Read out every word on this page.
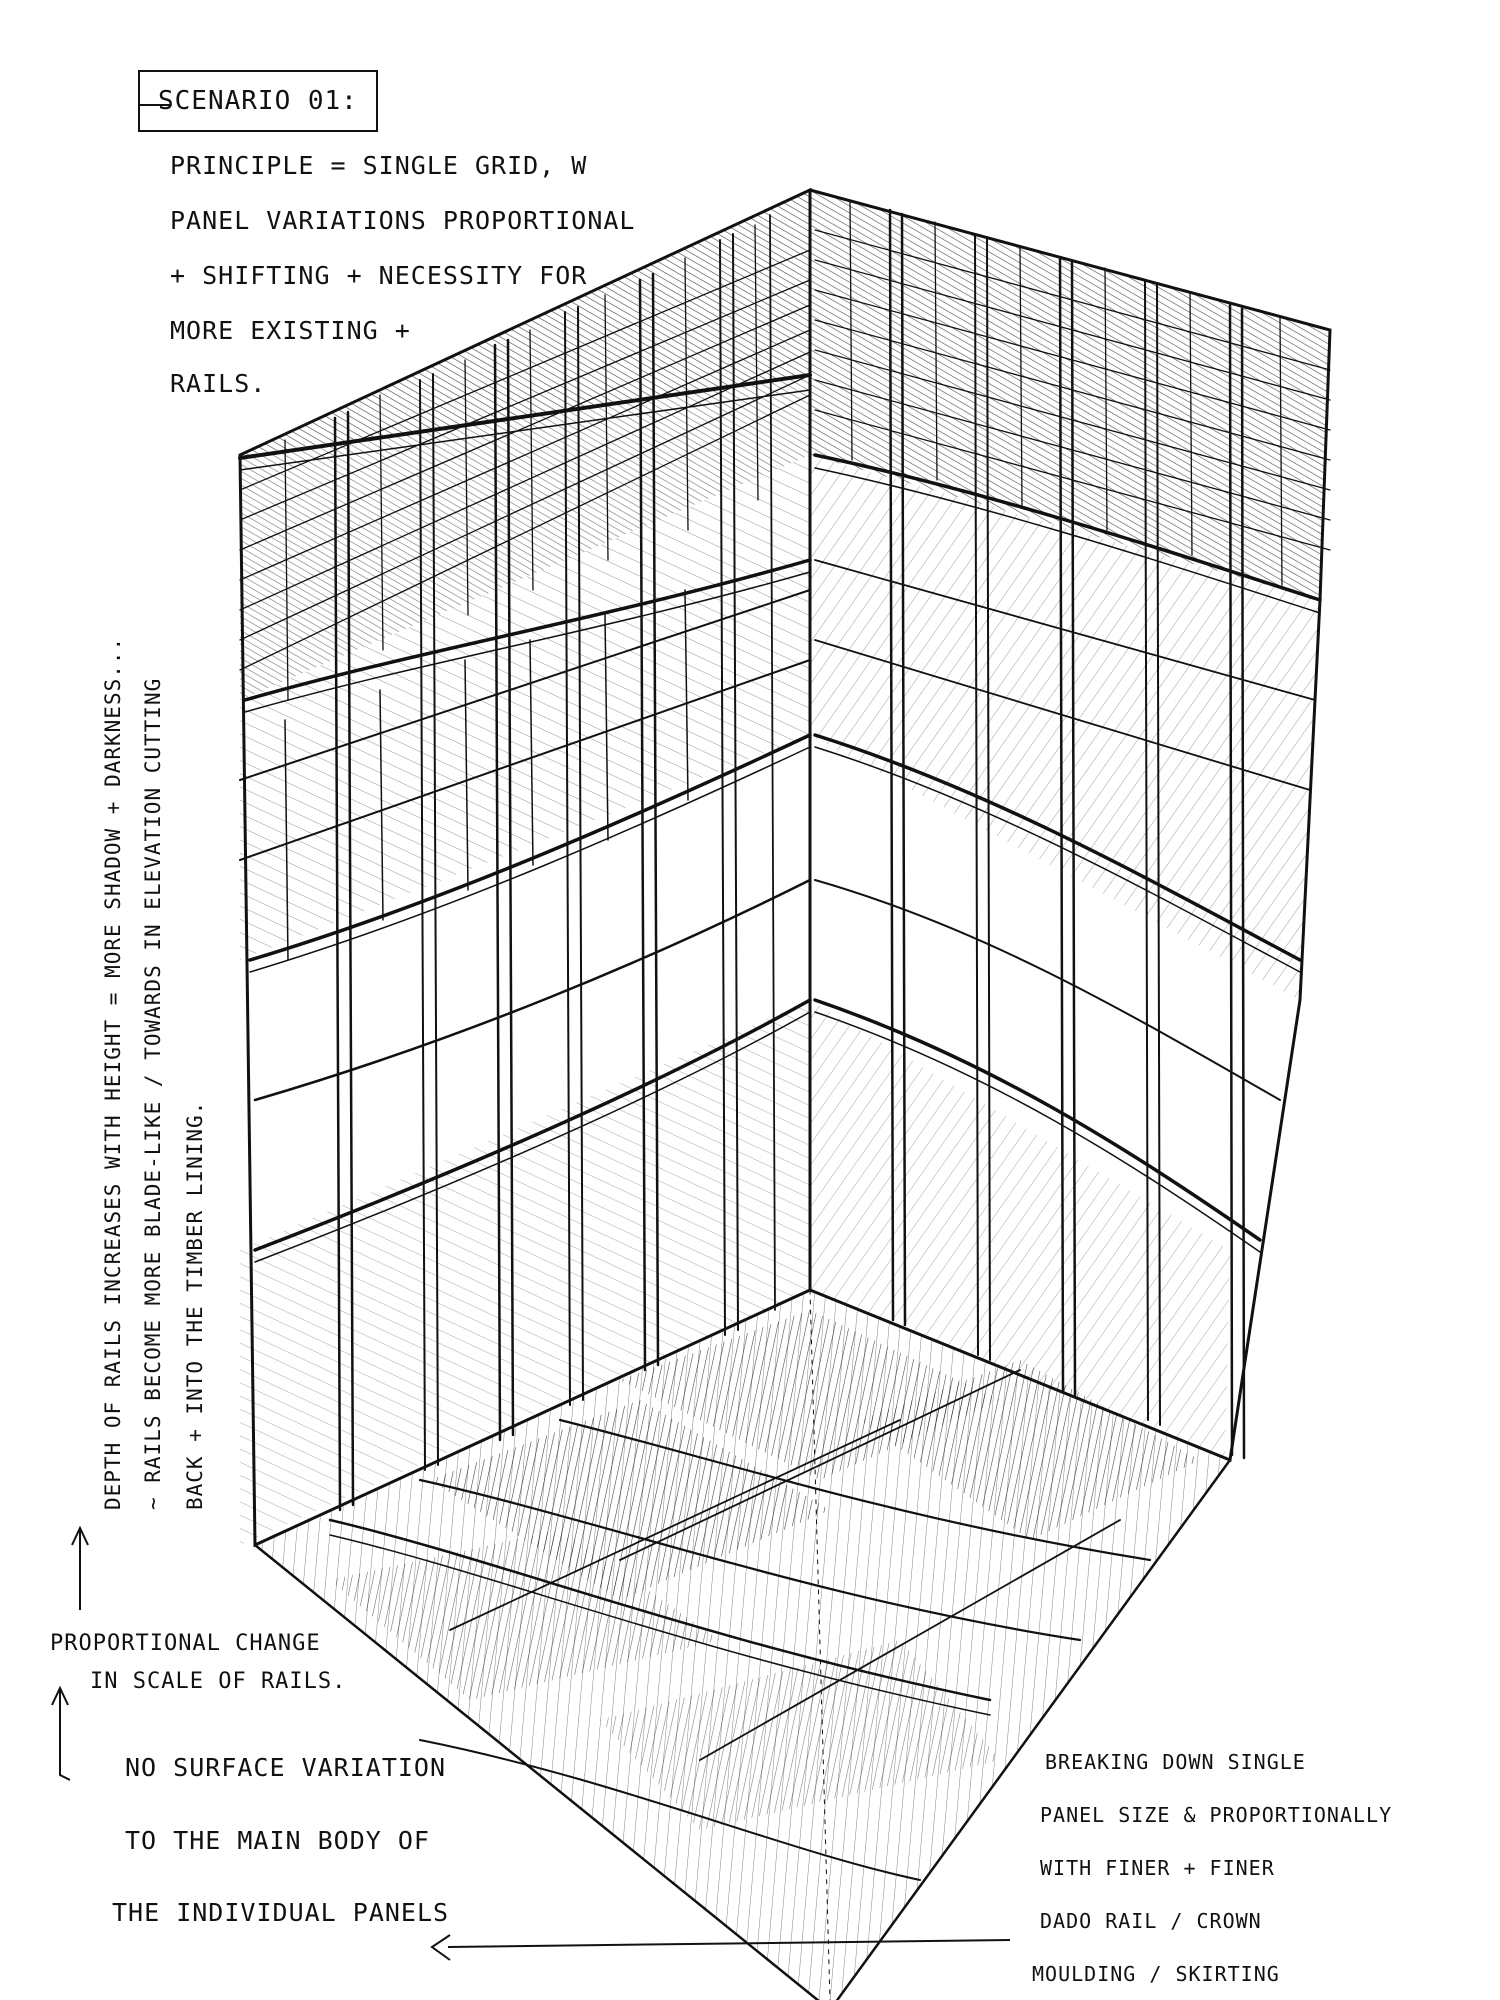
SCENARIO 01:

PRINCIPLE = SINGLE GRID, W

PANEL VARIATIONS PROPORTIONAL

+ SHIFTING + NECESSITY FOR

MORE EXISTING +

RAILS.

DEPTH OF RAILS INCREASES WITH HEIGHT = MORE SHADOW + DARKNESS... ~ RAILS BECOME MORE BLADE-LIKE / TOWARDS IN ELEVATION CUTTING BACK + INTO THE TIMBER LINING.

PROPORTIONAL CHANGE

IN SCALE OF RAILS.

NO SURFACE VARIATION

TO THE MAIN BODY OF

THE INDIVIDUAL PANELS

BREAKING DOWN SINGLE

PANEL SIZE & PROPORTIONALLY

WITH FINER + FINER

DADO RAIL / CROWN

MOULDING / SKIRTING
